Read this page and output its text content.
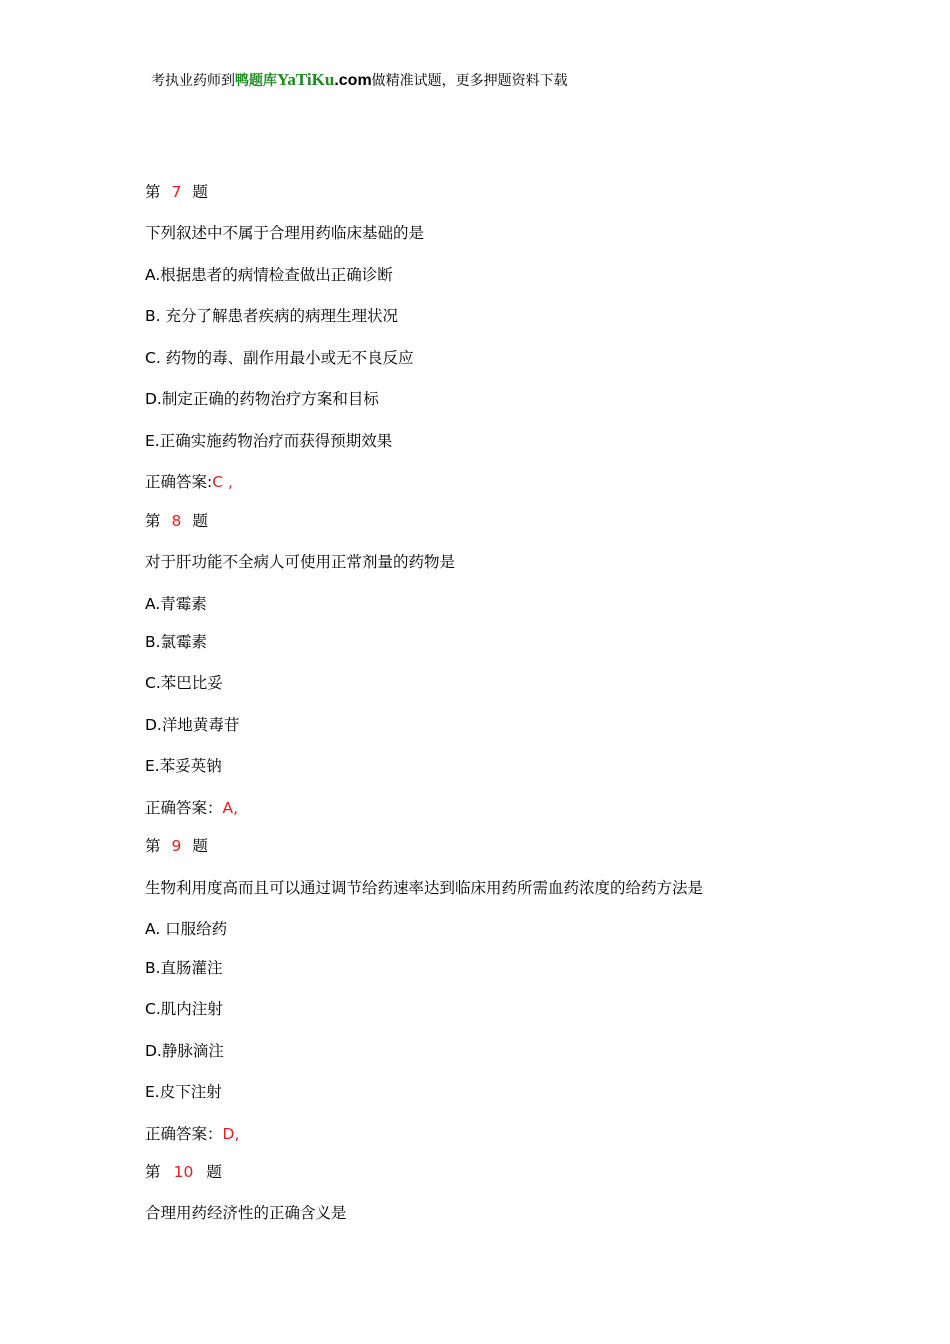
考执业药师到鸭题库YaTiKu.com做精准试题，更多押题资料下载
第 7 题
下列叙述中不属于合理用药临床基础的是
A.根据患者的病情检查做出正确诊断
B. 充分了解患者疾病的病理生理状况
C. 药物的毒、副作用最小或无不良反应
D.制定正确的药物治疗方案和目标
E.正确实施药物治疗而获得预期效果
正确答案:C ,
第 8 题
对于肝功能不全病人可使用正常剂量的药物是
A.青霉素
B.氯霉素
C.苯巴比妥
D.洋地黄毒苷
E.苯妥英钠
正确答案：A,
第 9 题
生物利用度高而且可以通过调节给药速率达到临床用药所需血药浓度的给药方法是
A. 口服给药
B.直肠灌注
C.肌内注射
D.静脉滴注
E.皮下注射
正确答案：D,
第 10 题
合理用药经济性的正确含义是
